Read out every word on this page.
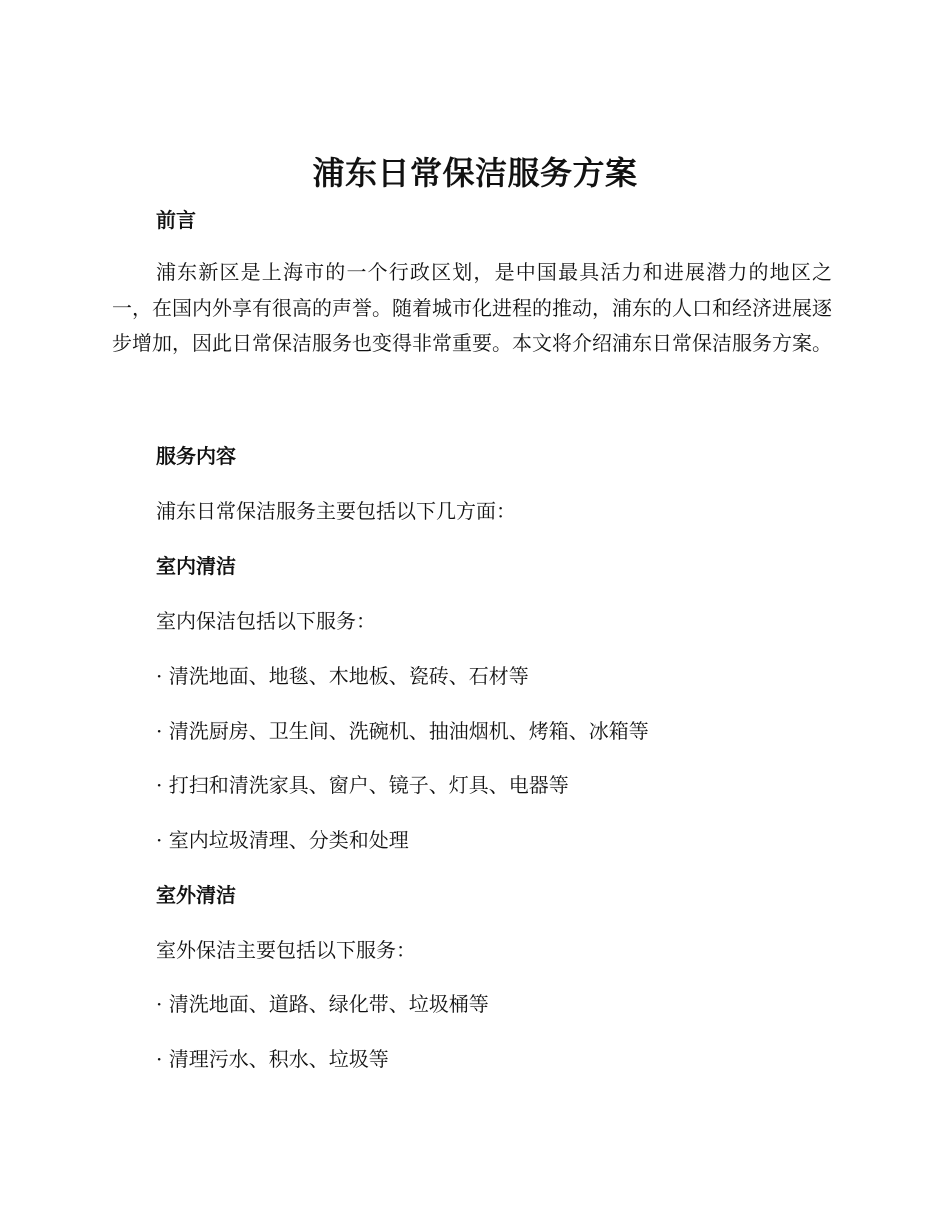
浦东日常保洁服务方案
前言
浦东新区是上海市的一个行政区划，是中国最具活力和进展潜力的地区之一，在国内外享有很高的声誉。随着城市化进程的推动，浦东的人口和经济进展逐步增加，因此日常保洁服务也变得非常重要。本文将介绍浦东日常保洁服务方案。
服务内容
浦东日常保洁服务主要包括以下几方面：
室内清洁
室内保洁包括以下服务：
· 清洗地面、地毯、木地板、瓷砖、石材等
· 清洗厨房、卫生间、洗碗机、抽油烟机、烤箱、冰箱等
· 打扫和清洗家具、窗户、镜子、灯具、电器等
· 室内垃圾清理、分类和处理
室外清洁
室外保洁主要包括以下服务：
· 清洗地面、道路、绿化带、垃圾桶等
· 清理污水、积水、垃圾等
